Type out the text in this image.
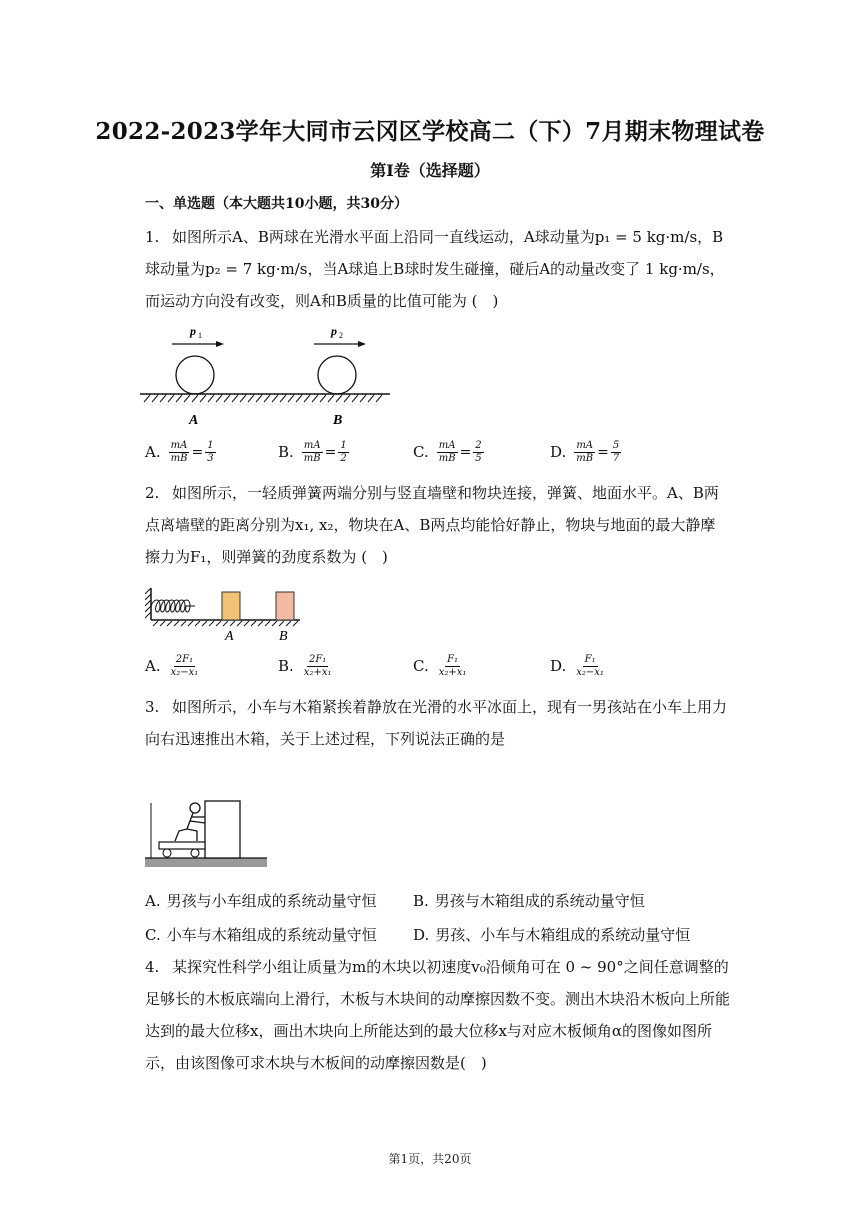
2022-2023学年大同市云冈区学校高二（下）7月期末物理试卷
第I卷（选择题）
一、单选题（本大题共10小题，共30分）
1. 如图所示A、B两球在光滑水平面上沿同一直线运动，A球动量为p₁ = 5 kg·m/s，B球动量为p₂ = 7 kg·m/s，当A球追上B球时发生碰撞，碰后A的动量改变了 1 kg·m/s，而运动方向没有改变，则A和B质量的比值可能为 (　)
p 1	p 2
A	B
A. $\frac{mA}{mB} = \frac{1}{3}$	B. $\frac{mA}{mB} = \frac{1}{2}$	C. $\frac{mA}{mB} = \frac{2}{5}$	D. $\frac{mA}{mB} = \frac{5}{7}$
2. 如图所示，一轻质弹簧两端分别与竖直墙壁和物块连接，弹簧、地面水平。A、B两点离墙壁的距离分别为x₁, x₂，物块在A、B两点均能恰好静止，物块与地面的最大静摩擦力为F₁，则弹簧的劲度系数为 (　)
A	B
A. $\frac{\text{2F₁}}{\text{x₂−x₁}}$	B. $\frac{\text{2F₁}}{\text{x₂+x₁}}$	C. $\frac{\text{F₁}}{\text{x₂+x₁}}$	D. $\frac{\text{F₁}}{\text{x₂−x₁}}$
3. 如图所示，小车与木箱紧挨着静放在光滑的水平冰面上，现有一男孩站在小车上用力向右迅速推出木箱，关于上述过程，下列说法正确的是
A. 男孩与小车组成的系统动量守恒 B. 男孩与木箱组成的系统动量守恒
C. 小车与木箱组成的系统动量守恒 D. 男孩、小车与木箱组成的系统动量守恒
4. 某探究性科学小组让质量为m的木块以初速度v₀沿倾角可在 0 ~ 90°之间任意调整的足够长的木板底端向上滑行，木板与木块间的动摩擦因数不变。测出木块沿木板向上所能达到的最大位移x，画出木块向上所能达到的最大位移x与对应木板倾角α的图像如图所示，由该图像可求木块与木板间的动摩擦因数是(　)
第1页，共20页
